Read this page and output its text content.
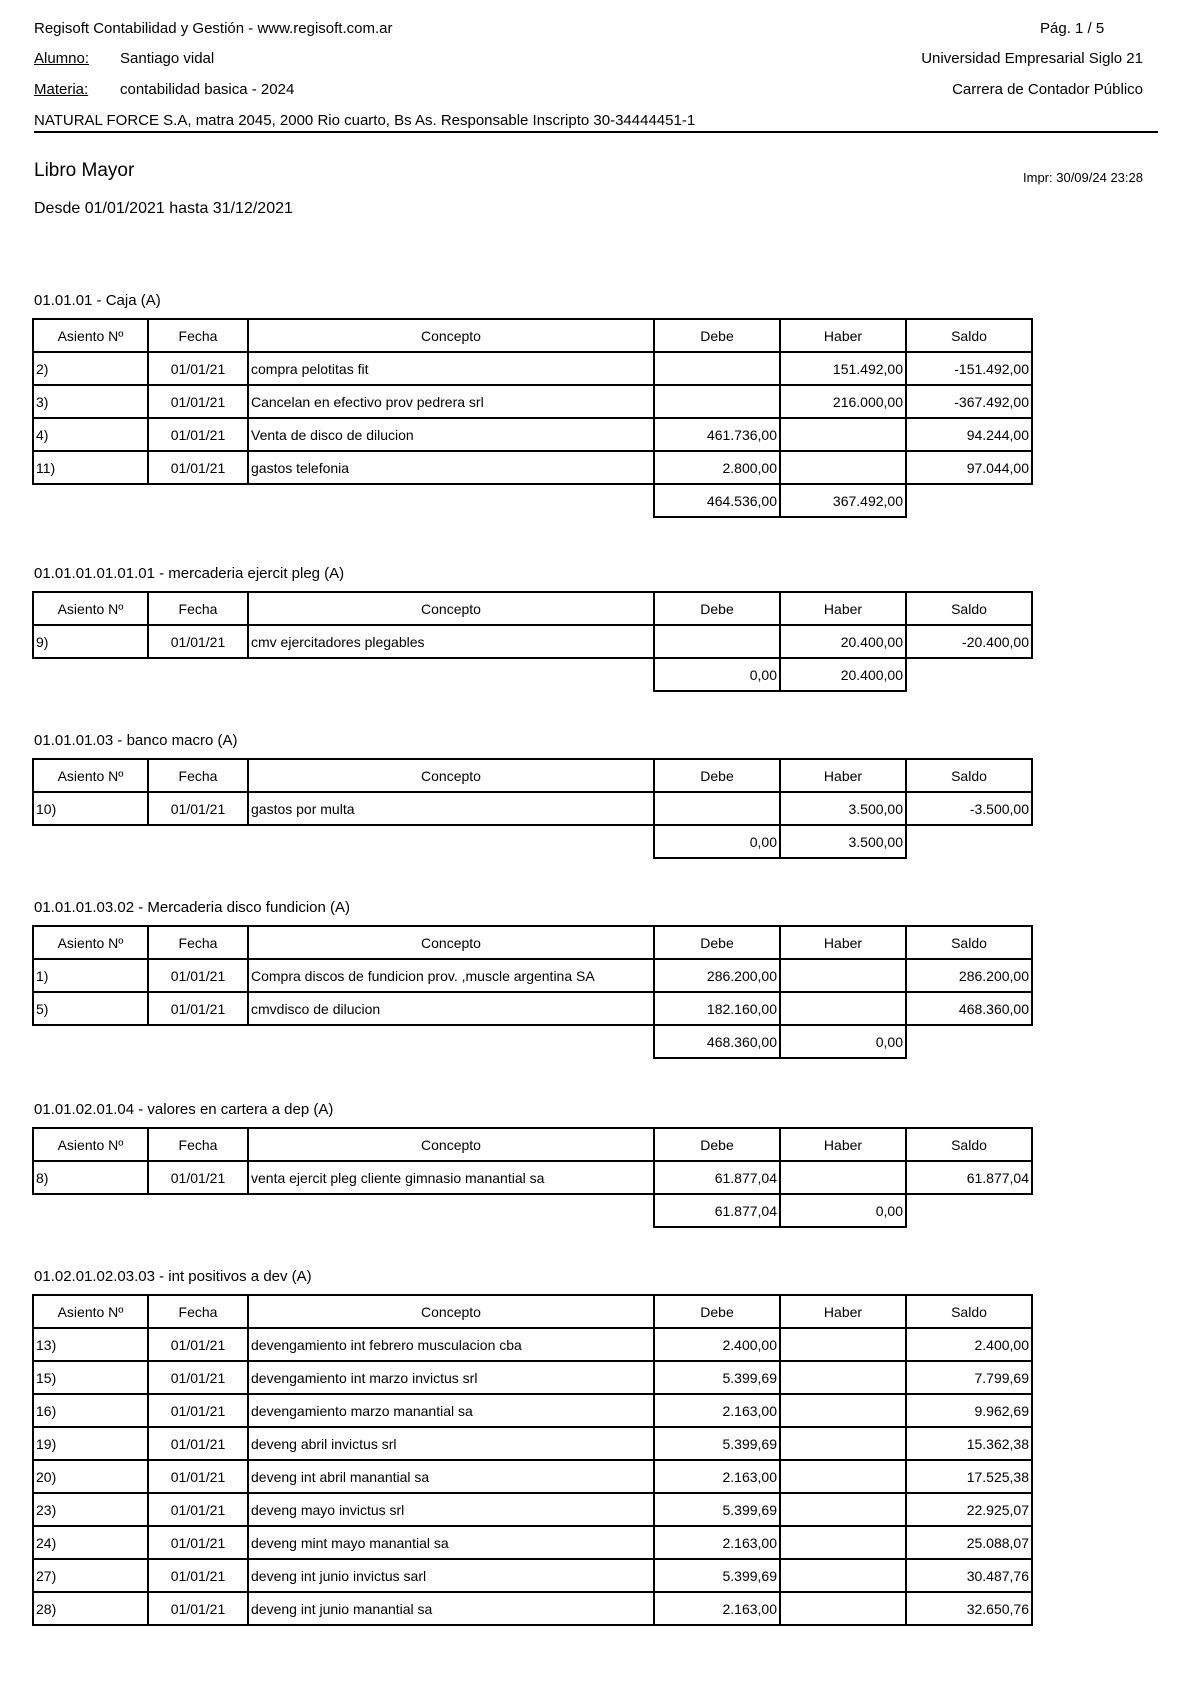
Regisoft Contabilidad y Gestión - www.regisoft.com.ar	Pág. 1 / 5
Alumno: Santiago vidal	Universidad Empresarial Siglo 21
Materia: contabilidad basica - 2024	Carrera de Contador Público
NATURAL FORCE S.A, matra 2045, 2000 Rio cuarto, Bs As. Responsable Inscripto 30-34444451-1
Libro Mayor	Impr: 30/09/24 23:28
Desde 01/01/2021 hasta 31/12/2021
01.01.01 - Caja (A)
Asiento Nº	Fecha	Concepto	Debe	Haber	Saldo
2)	01/01/21	compra pelotitas fit		151.492,00	-151.492,00
3)	01/01/21	Cancelan en efectivo prov pedrera srl		216.000,00	-367.492,00
4)	01/01/21	Venta de disco de dilucion	461.736,00		94.244,00
11)	01/01/21	gastos telefonia	2.800,00		97.044,00
			464.536,00	367.492,00	
01.01.01.01.01.01 - mercaderia ejercit pleg (A)
Asiento Nº	Fecha	Concepto	Debe	Haber	Saldo
9)	01/01/21	cmv ejercitadores plegables		20.400,00	-20.400,00
			0,00	20.400,00	
01.01.01.03 - banco macro (A)
Asiento Nº	Fecha	Concepto	Debe	Haber	Saldo
10)	01/01/21	gastos por multa		3.500,00	-3.500,00
			0,00	3.500,00	
01.01.01.03.02 - Mercaderia disco fundicion (A)
Asiento Nº	Fecha	Concepto	Debe	Haber	Saldo
1)	01/01/21	Compra discos de fundicion prov. ,muscle argentina SA	286.200,00		286.200,00
5)	01/01/21	cmvdisco de dilucion	182.160,00		468.360,00
			468.360,00	0,00	
01.01.02.01.04 - valores en cartera a dep (A)
Asiento Nº	Fecha	Concepto	Debe	Haber	Saldo
8)	01/01/21	venta ejercit pleg cliente gimnasio manantial sa	61.877,04		61.877,04
			61.877,04	0,00	
01.02.01.02.03.03 - int positivos a dev (A)
Asiento Nº	Fecha	Concepto	Debe	Haber	Saldo
13)	01/01/21	devengamiento int febrero musculacion cba	2.400,00		2.400,00
15)	01/01/21	devengamiento int marzo invictus srl	5.399,69		7.799,69
16)	01/01/21	devengamiento marzo manantial sa	2.163,00		9.962,69
19)	01/01/21	deveng abril invictus srl	5.399,69		15.362,38
20)	01/01/21	deveng int abril manantial sa	2.163,00		17.525,38
23)	01/01/21	deveng mayo invictus srl	5.399,69		22.925,07
24)	01/01/21	deveng mint mayo manantial sa	2.163,00		25.088,07
27)	01/01/21	deveng int junio invictus sarl	5.399,69		30.487,76
28)	01/01/21	deveng int junio manantial sa	2.163,00		32.650,76
